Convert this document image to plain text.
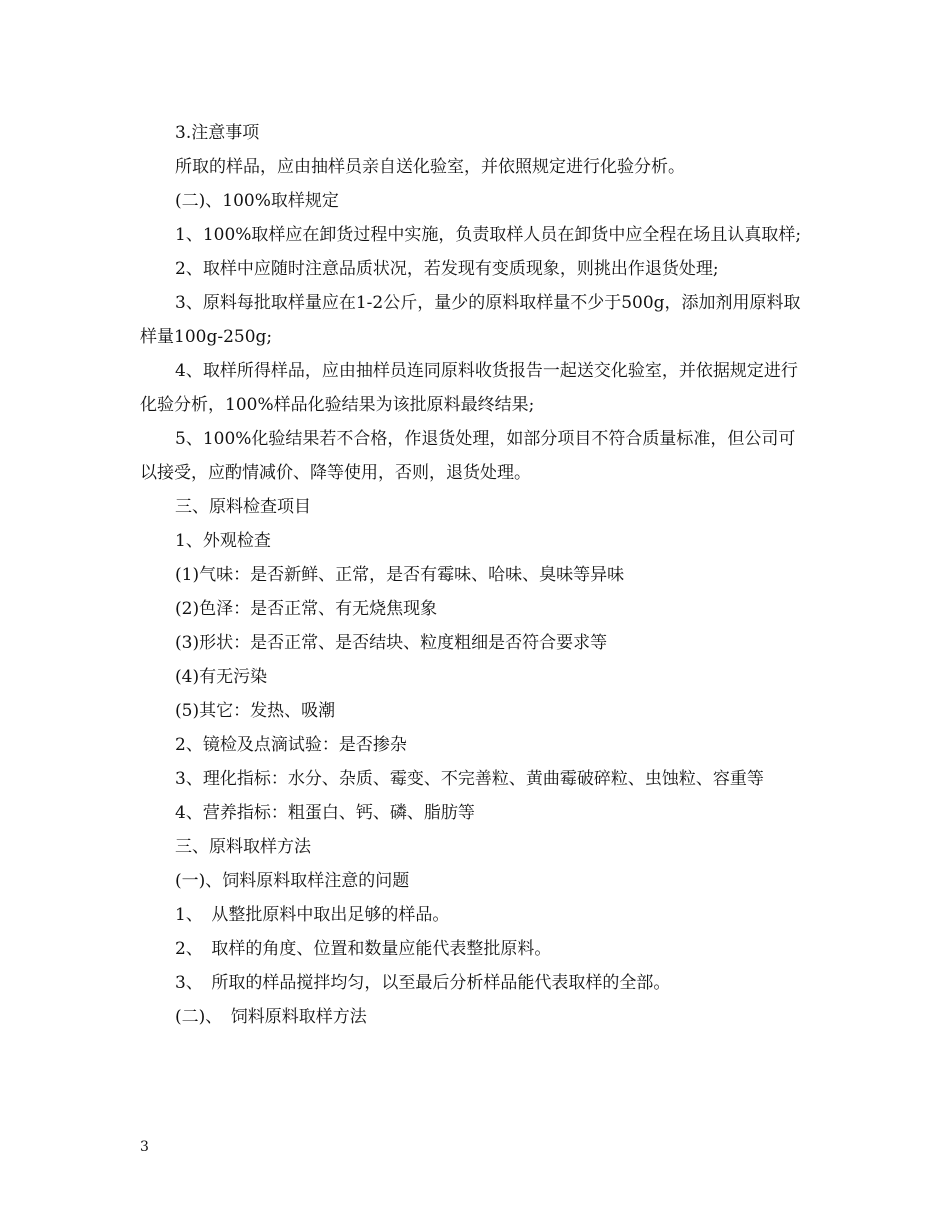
3.注意事项

所取的样品，应由抽样员亲自送化验室，并依照规定进行化验分析。

(二)、100%取样规定

1、100%取样应在卸货过程中实施，负责取样人员在卸货中应全程在场且认真取样;

2、取样中应随时注意品质状况，若发现有变质现象，则挑出作退货处理;

3、原料每批取样量应在1-2公斤，量少的原料取样量不少于500g，添加剂用原料取样量100g-250g;

4、取样所得样品，应由抽样员连同原料收货报告一起送交化验室，并依据规定进行化验分析，100%样品化验结果为该批原料最终结果;

5、100%化验结果若不合格，作退货处理，如部分项目不符合质量标准，但公司可以接受，应酌情减价、降等使用，否则，退货处理。

三、原料检查项目

1、外观检查

(1)气味：是否新鲜、正常，是否有霉味、哈味、臭味等异味

(2)色泽：是否正常、有无烧焦现象

(3)形状：是否正常、是否结块、粒度粗细是否符合要求等

(4)有无污染

(5)其它：发热、吸潮

2、镜检及点滴试验：是否掺杂

3、理化指标：水分、杂质、霉变、不完善粒、黄曲霉破碎粒、虫蚀粒、容重等

4、营养指标：粗蛋白、钙、磷、脂肪等

三、原料取样方法

(一)、饲料原料取样注意的问题

1、　从整批原料中取出足够的样品。

2、　取样的角度、位置和数量应能代表整批原料。

3、　所取的样品搅拌均匀，以至最后分析样品能代表取样的全部。

(二)、　饲料原料取样方法

3
